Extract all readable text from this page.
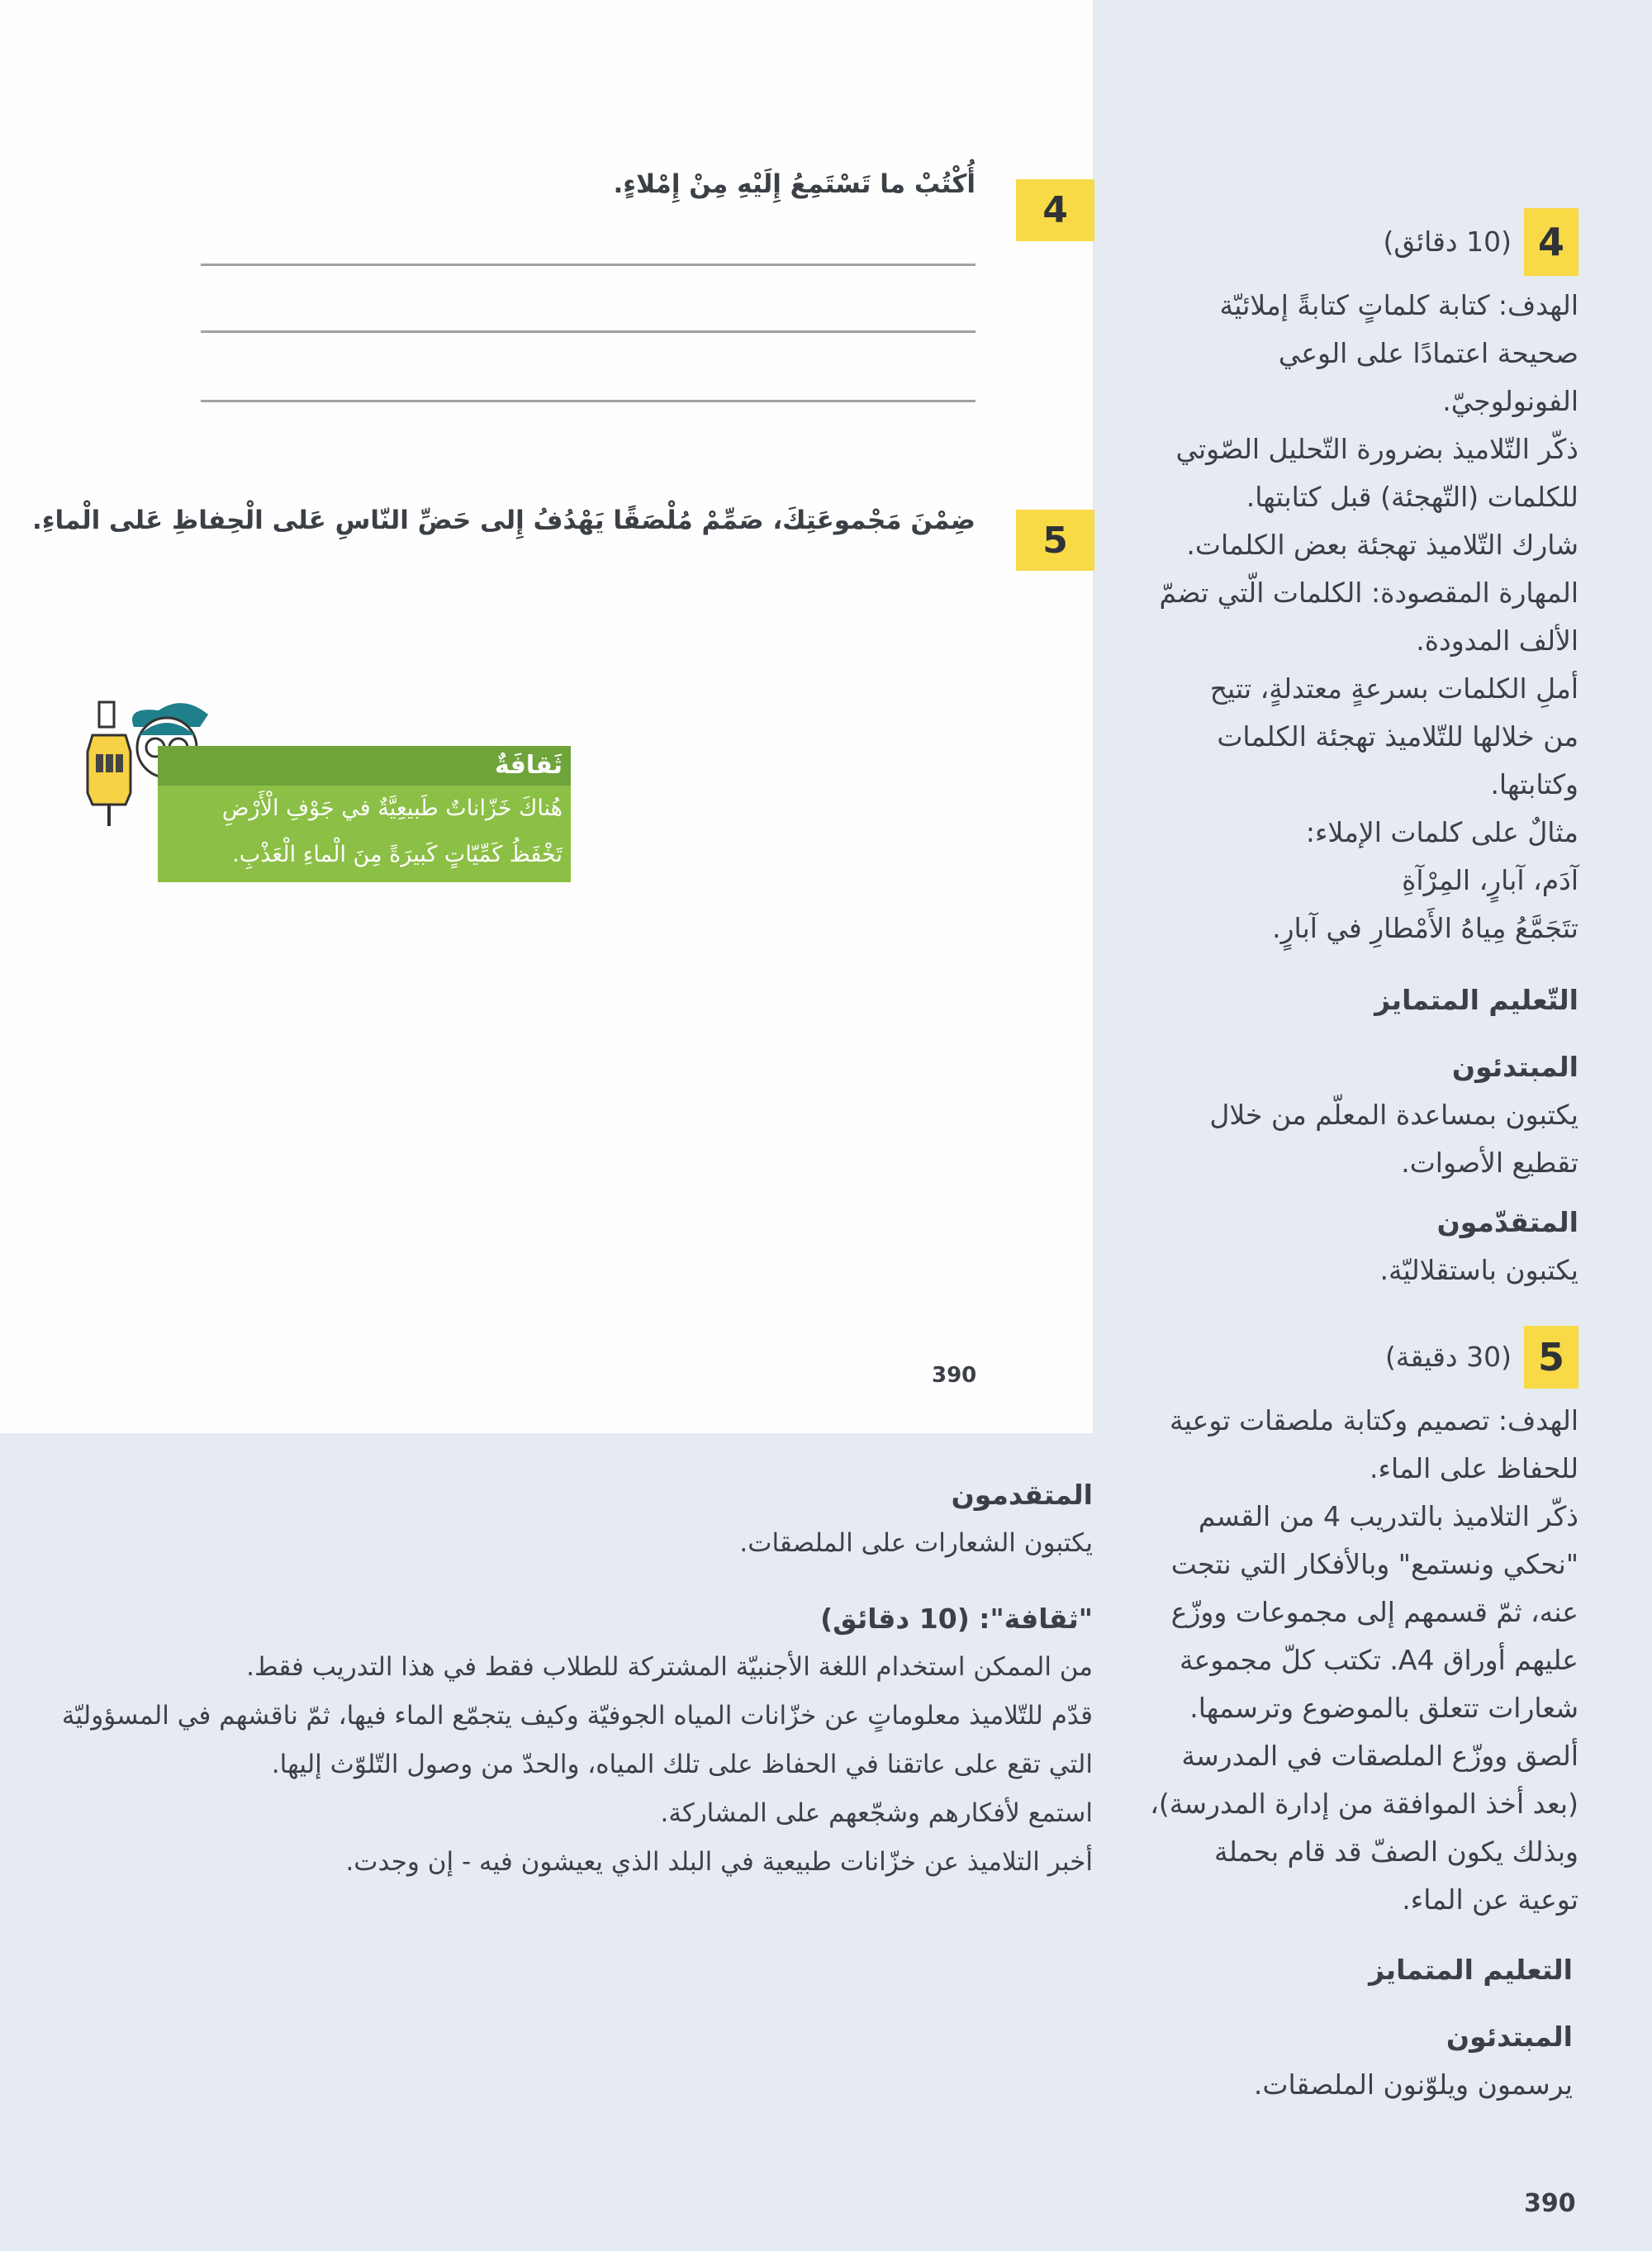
4
أُكْتُبْ ما تَسْتَمِعُ إِلَيْهِ مِنْ إِمْلاءٍ.
5
ضِمْنَ مَجْموعَتِكَ، صَمِّمْ مُلْصَقًا يَهْدُفُ إِلى حَضِّ النّاسِ عَلى الْحِفاظِ عَلى الْماءِ.
ثَقافَةٌ
هُناكَ خَزّاناتٌ طَبيعِيَّةٌ في جَوْفِ الْأَرْضِ
تَخْفَظُ كَمِّيّاتٍ كَبيرَةً مِنَ الْماءِ الْعَذْبِ.
390
4
(10 دقائق)
الهدف: كتابة كلماتٍ كتابةً إملائيّة
صحيحة اعتمادًا على الوعي
الفونولوجيّ.
ذكّر التّلاميذ بضرورة التّحليل الصّوتي
للكلمات (التّهجئة) قبل كتابتها.
شارك التّلاميذ تهجئة بعض الكلمات.
المهارة المقصودة: الكلمات الّتي تضمّ
الألف المدودة.
أملِ الكلمات بسرعةٍ معتدلةٍ، تتيح
من خلالها للتّلاميذ تهجئة الكلمات
وكتابتها.
مثالٌ على كلمات الإملاء:
آدَم، آبارٍ، المِرْآةِ
تتَجَمَّعُ مِياهُ الأَمْطارِ في آبارٍ.
التّعليم المتمايز
المبتدئون
يكتبون بمساعدة المعلّم من خلال
تقطيع الأصوات.
المتقدّمون
يكتبون باستقلاليّة.
5
(30 دقيقة)
الهدف: تصميم وكتابة ملصقات توعية
للحفاظ على الماء.
ذكّر التلاميذ بالتدريب 4 من القسم
"نحكي ونستمع" وبالأفكار التي نتجت
عنه، ثمّ قسمهم إلى مجموعات ووزّع
عليهم أوراق A4. تكتب كلّ مجموعة
شعارات تتعلق بالموضوع وترسمها.
ألصق ووزّع الملصقات في المدرسة
(بعد أخذ الموافقة من إدارة المدرسة)،
وبذلك يكون الصفّ قد قام بحملة
توعية عن الماء.
التعليم المتمايز
المبتدئون
يرسمون ويلوّنون الملصقات.
المتقدمون
يكتبون الشعارات على الملصقات.
"ثقافة": (10 دقائق)
من الممكن استخدام اللغة الأجنبيّة المشتركة للطلاب فقط في هذا التدريب فقط.
قدّم للتّلاميذ معلوماتٍ عن خزّانات المياه الجوفيّة وكيف يتجمّع الماء فيها، ثمّ ناقشهم في المسؤوليّة
التي تقع على عاتقنا في الحفاظ على تلك المياه، والحدّ من وصول التّلوّث إليها.
استمع لأفكارهم وشجّعهم على المشاركة.
أخبر التلاميذ عن خزّانات طبيعية في البلد الذي يعيشون فيه - إن وجدت.
390
